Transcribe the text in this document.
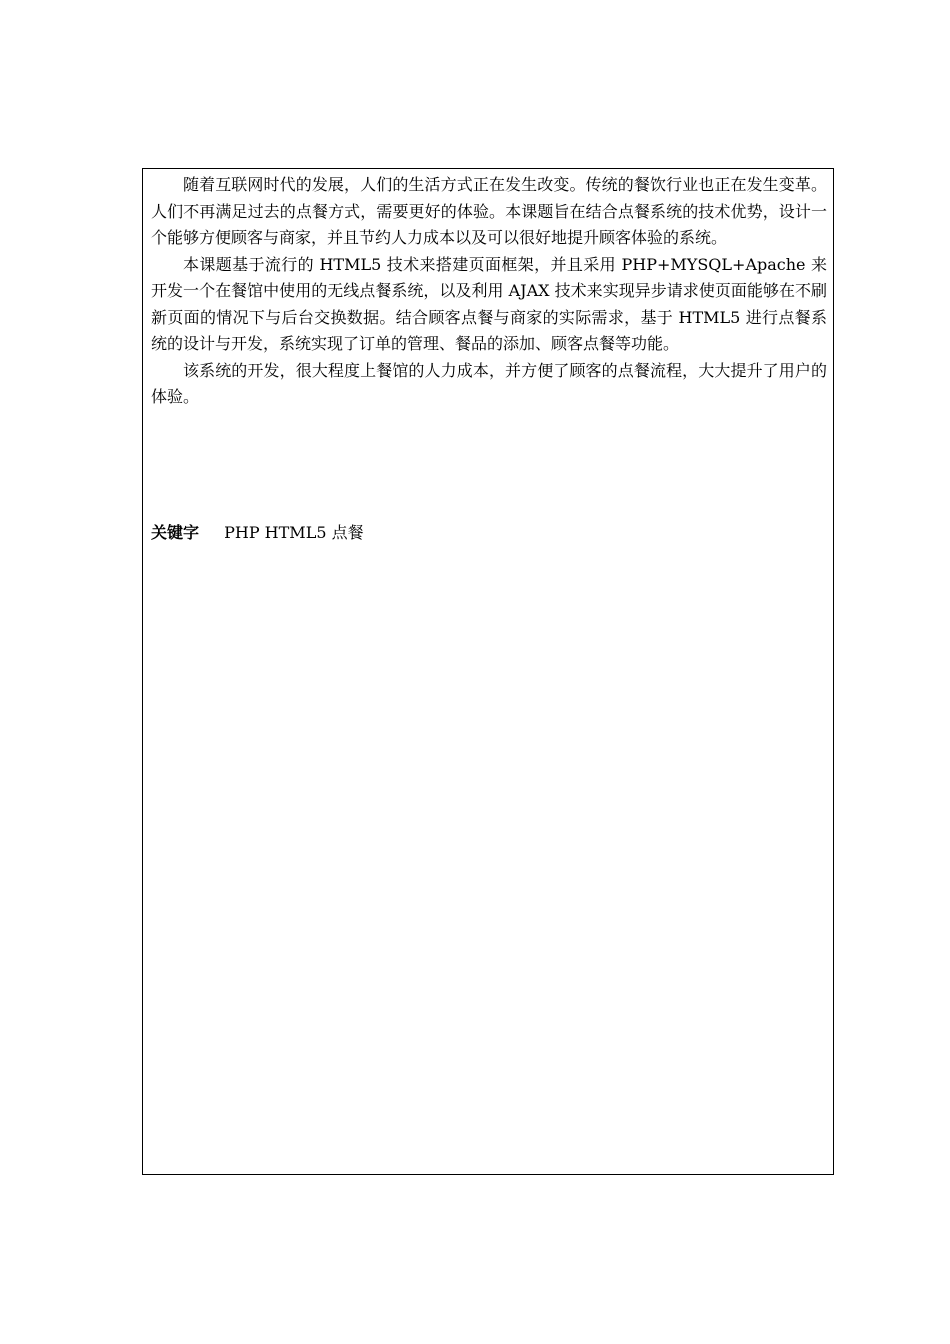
随着互联网时代的发展，人们的生活方式正在发生改变。传统的餐饮行业也正在发生变革。人们不再满足过去的点餐方式，需要更好的体验。本课题旨在结合点餐系统的技术优势，设计一个能够方便顾客与商家，并且节约人力成本以及可以很好地提升顾客体验的系统。

本课题基于流行的 HTML5 技术来搭建页面框架，并且采用 PHP+MYSQL+Apache 来开发一个在餐馆中使用的无线点餐系统，以及利用 AJAX 技术来实现异步请求使页面能够在不刷新页面的情况下与后台交换数据。结合顾客点餐与商家的实际需求，基于 HTML5 进行点餐系统的设计与开发，系统实现了订单的管理、餐品的添加、顾客点餐等功能。

该系统的开发，很大程度上餐馆的人力成本，并方便了顾客的点餐流程，大大提升了用户的体验。

关键字 PHP HTML5 点餐
